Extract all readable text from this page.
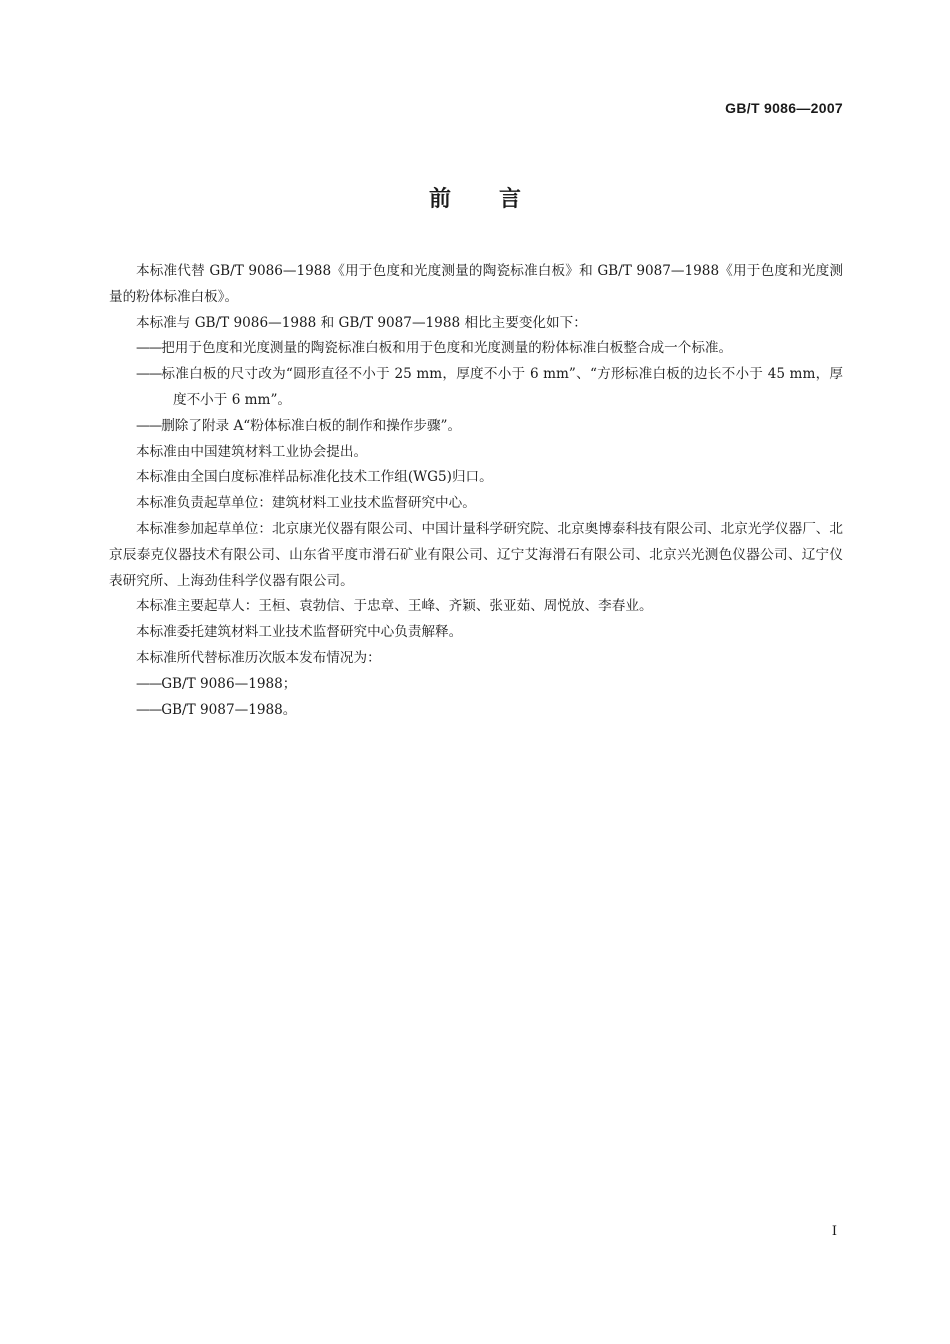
GB/T 9086—2007
前言

本标准代替 GB/T 9086—1988《用于色度和光度测量的陶瓷标准白板》和 GB/T 9087—1988《用于色度和光度测量的粉体标准白板》。

本标准与 GB/T 9086—1988 和 GB/T 9087—1988 相比主要变化如下：

——把用于色度和光度测量的陶瓷标准白板和用于色度和光度测量的粉体标准白板整合成一个标准。

——标准白板的尺寸改为“圆形直径不小于 25 mm，厚度不小于 6 mm”、“方形标准白板的边长不小于 45 mm，厚度不小于 6 mm”。

——删除了附录 A“粉体标准白板的制作和操作步骤”。

本标准由中国建筑材料工业协会提出。

本标准由全国白度标准样品标准化技术工作组(WG5)归口。

本标准负责起草单位：建筑材料工业技术监督研究中心。

本标准参加起草单位：北京康光仪器有限公司、中国计量科学研究院、北京奥博泰科技有限公司、北京光学仪器厂、北京辰泰克仪器技术有限公司、山东省平度市滑石矿业有限公司、辽宁艾海滑石有限公司、北京兴光测色仪器公司、辽宁仪表研究所、上海劲佳科学仪器有限公司。

本标准主要起草人：王桓、袁勃信、于忠章、王峰、齐颖、张亚茹、周悦放、李春业。

本标准委托建筑材料工业技术监督研究中心负责解释。

本标准所代替标准历次版本发布情况为：

——GB/T 9086—1988；

——GB/T 9087—1988。

I
